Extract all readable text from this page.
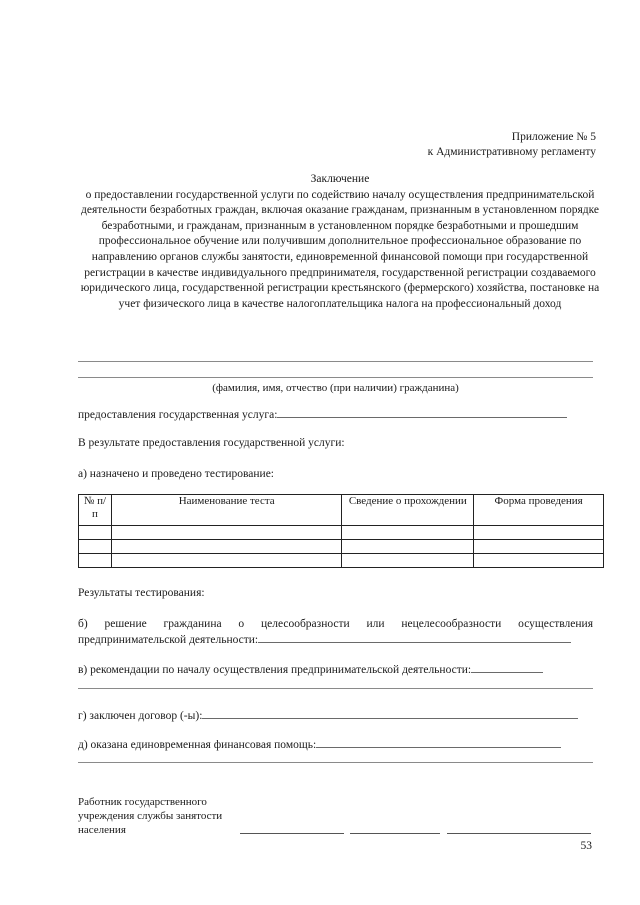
Приложение № 5
к Административному регламенту
Заключение
о предоставлении государственной услуги по содействию началу осуществления предпринимательской деятельности безработных граждан, включая оказание гражданам, признанным в установленном порядке безработными, и гражданам, признанным в установленном порядке безработными и прошедшим профессиональное обучение или получившим дополнительное профессиональное образование по направлению органов службы занятости, единовременной финансовой помощи при государственной регистрации в качестве индивидуального предпринимателя, государственной регистрации создаваемого юридического лица, государственной регистрации крестьянского (фермерского) хозяйства, постановке на учет физического лица в качестве налогоплательщика налога на профессиональный доход
(фамилия, имя, отчество (при наличии) гражданина)
предоставления государственная услуга:
В результате предоставления государственной услуги:
а) назначено и проведено тестирование:
№ п/п	Наименование теста	Сведение о прохождении	Форма проведения

Результаты тестирования:
б) решение гражданина о целесообразности или нецелесообразности осуществления
предпринимательской деятельности:
в) рекомендации по началу осуществления предпринимательской деятельности:
г) заключен договор (-ы):
д) оказана единовременная финансовая помощь:
Работник государственного
учреждения службы занятости
населения
53
